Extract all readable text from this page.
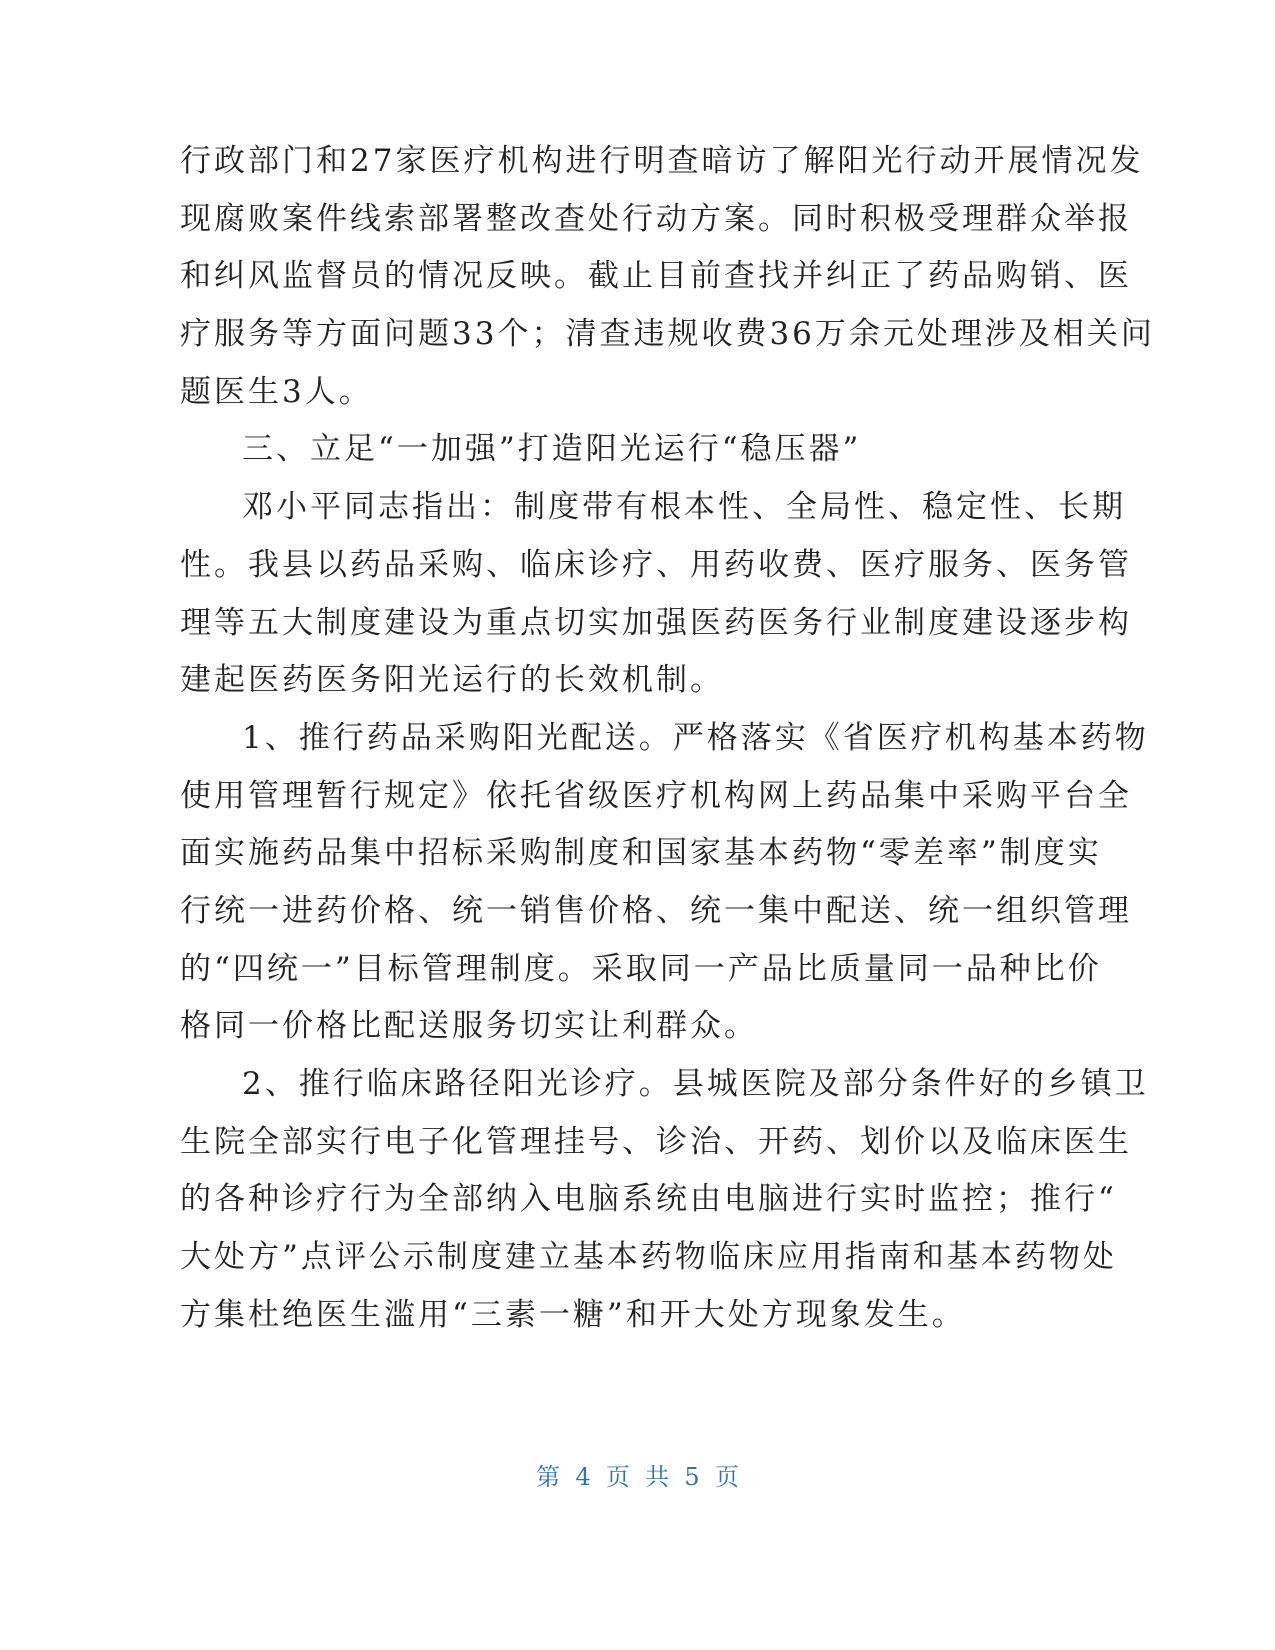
行政部门和27家医疗机构进行明查暗访了解阳光行动开展情况发
现腐败案件线索部署整改查处行动方案。同时积极受理群众举报
和纠风监督员的情况反映。截止目前查找并纠正了药品购销、医
疗服务等方面问题33个；清查违规收费36万余元处理涉及相关问
题医生3人。
三、立足“一加强”打造阳光运行“稳压器”
邓小平同志指出：制度带有根本性、全局性、稳定性、长期
性。我县以药品采购、临床诊疗、用药收费、医疗服务、医务管
理等五大制度建设为重点切实加强医药医务行业制度建设逐步构
建起医药医务阳光运行的长效机制。
1、推行药品采购阳光配送。严格落实《省医疗机构基本药物
使用管理暂行规定》依托省级医疗机构网上药品集中采购平台全
面实施药品集中招标采购制度和国家基本药物“零差率”制度实
行统一进药价格、统一销售价格、统一集中配送、统一组织管理
的“四统一”目标管理制度。采取同一产品比质量同一品种比价
格同一价格比配送服务切实让利群众。
2、推行临床路径阳光诊疗。县城医院及部分条件好的乡镇卫
生院全部实行电子化管理挂号、诊治、开药、划价以及临床医生
的各种诊疗行为全部纳入电脑系统由电脑进行实时监控；推行“
大处方”点评公示制度建立基本药物临床应用指南和基本药物处
方集杜绝医生滥用“三素一糖”和开大处方现象发生。
第 4 页 共 5 页
